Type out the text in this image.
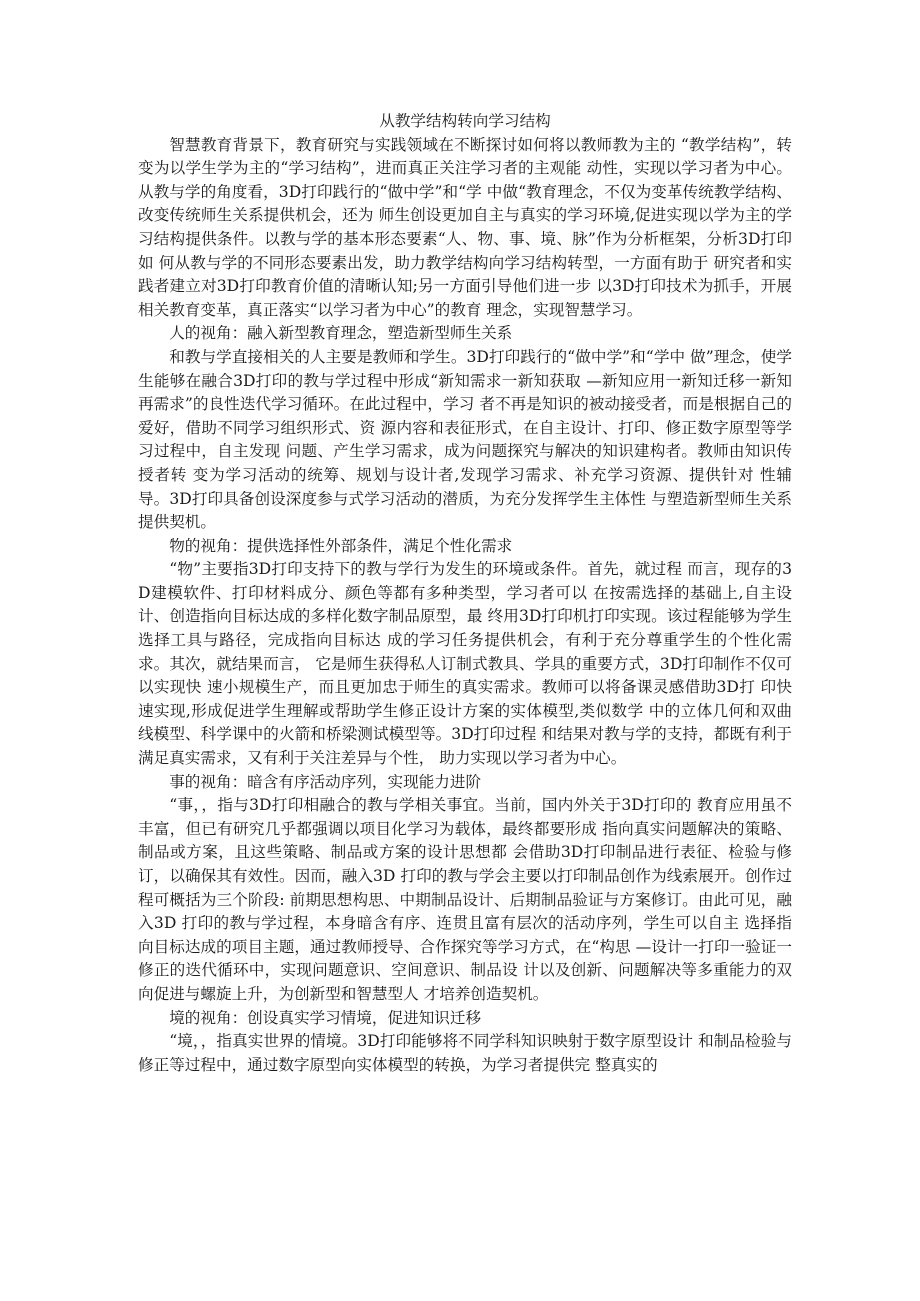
从教学结构转向学习结构

智慧教育背景下，教育研究与实践领域在不断探讨如何将以教师教为主的 “教学结构”，转变为以学生学为主的“学习结构”，进而真正关注学习者的主观能 动性，实现以学习者为中心。从教与学的角度看，3D打印践行的“做中学”和“学 中做“教育理念，不仅为变革传统教学结构、改变传统师生关系提供机会，还为 师生创设更加自主与真实的学习环境,促进实现以学为主的学习结构提供条件。以教与学的基本形态要素“人、物、事、境、脉”作为分析框架，分析3D打印如 何从教与学的不同形态要素出发，助力教学结构向学习结构转型，一方面有助于 研究者和实践者建立对3D打印教育价值的清晰认知;另一方面引导他们进一步 以3D打印技术为抓手，开展相关教育变革，真正落实“以学习者为中心”的教育 理念，实现智慧学习。

人的视角：融入新型教育理念，塑造新型师生关系

和教与学直接相关的人主要是教师和学生。3D打印践行的“做中学”和“学中 做”理念，使学生能够在融合3D打印的教与学过程中形成“新知需求一新知获取 —新知应用一新知迁移一新知再需求”的良性迭代学习循环。在此过程中，学习 者不再是知识的被动接受者，而是根据自己的爱好，借助不同学习组织形式、资 源内容和表征形式，在自主设计、打印、修正数字原型等学习过程中，自主发现 问题、产生学习需求，成为问题探究与解决的知识建构者。教师由知识传授者转 变为学习活动的统筹、规划与设计者,发现学习需求、补充学习资源、提供针对 性辅导。3D打印具备创设深度参与式学习活动的潜质，为充分发挥学生主体性 与塑造新型师生关系提供契机。

物的视角：提供选择性外部条件，满足个性化需求

“物”主要指3D打印支持下的教与学行为发生的环境或条件。首先，就过程 而言，现存的3D建模软件、打印材料成分、颜色等都有多种类型，学习者可以 在按需选择的基础上,自主设计、创造指向目标达成的多样化数字制品原型，最 终用3D打印机打印实现。该过程能够为学生选择工具与路径，完成指向目标达 成的学习任务提供机会，有利于充分尊重学生的个性化需求。其次，就结果而言， 它是师生获得私人订制式教具、学具的重要方式，3D打印制作不仅可以实现快 速小规模生产，而且更加忠于师生的真实需求。教师可以将备课灵感借助3D打 印快速实现,形成促进学生理解或帮助学生修正设计方案的实体模型,类似数学 中的立体几何和双曲线模型、科学课中的火箭和桥梁测试模型等。3D打印过程 和结果对教与学的支持，都既有利于满足真实需求，又有利于关注差异与个性， 助力实现以学习者为中心。

事的视角：暗含有序活动序列，实现能力进阶

“事，，指与3D打印相融合的教与学相关事宜。当前，国内外关于3D打印的 教育应用虽不丰富，但已有研究几乎都强调以项目化学习为载体，最终都要形成 指向真实问题解决的策略、制品或方案，且这些策略、制品或方案的设计思想都 会借助3D打印制品进行表征、检验与修订，以确保其有效性。因而，融入3D 打印的教与学会主要以打印制品创作为线索展开。创作过程可概括为三个阶段: 前期思想构思、中期制品设计、后期制品验证与方案修订。由此可见，融入3D 打印的教与学过程，本身暗含有序、连贯且富有层次的活动序列，学生可以自主 选择指向目标达成的项目主题，通过教师授导、合作探究等学习方式，在“构思 —设计一打印一验证一修正的迭代循环中，实现问题意识、空间意识、制品设 计以及创新、问题解决等多重能力的双向促进与螺旋上升，为创新型和智慧型人 才培养创造契机。

境的视角：创设真实学习情境，促进知识迁移

“境，，指真实世界的情境。3D打印能够将不同学科知识映射于数字原型设计 和制品检验与修正等过程中，通过数字原型向实体模型的转换，为学习者提供完 整真实的
